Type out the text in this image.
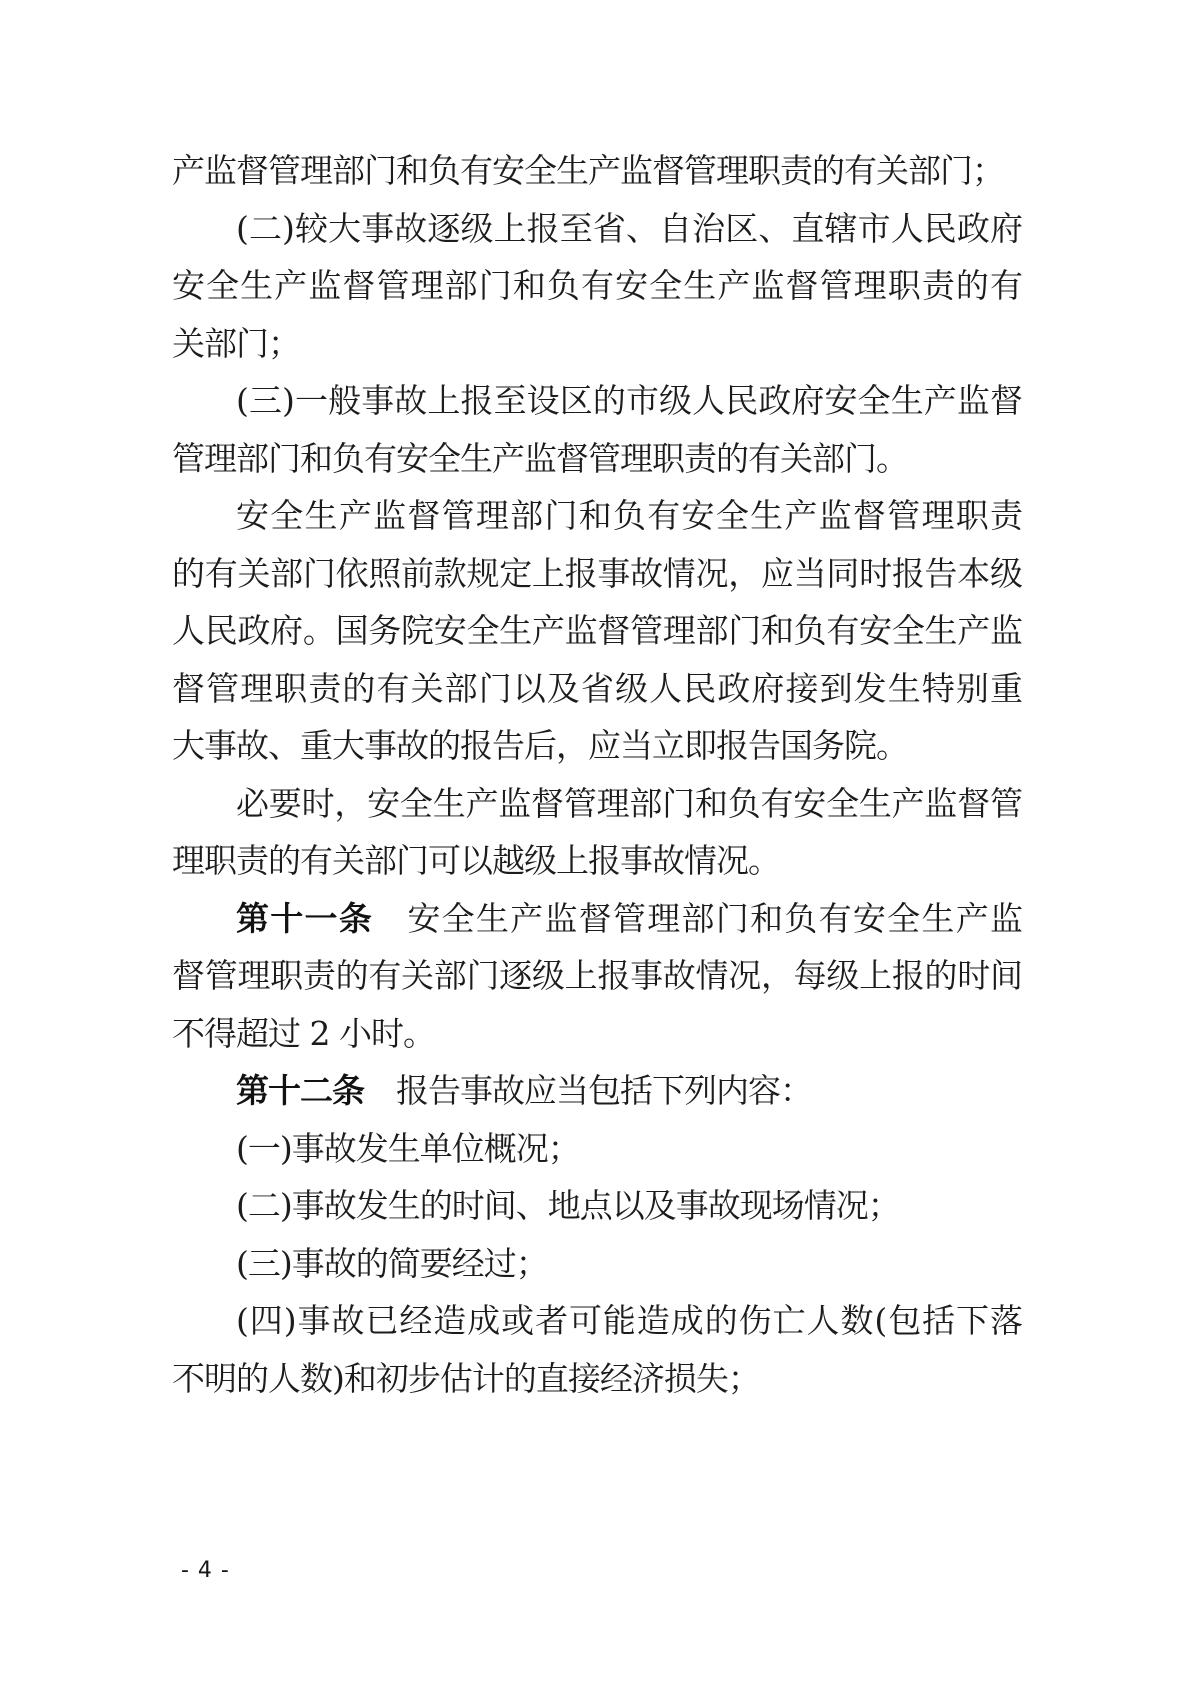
产监督管理部门和负有安全生产监督管理职责的有关部门；
(二)较大事故逐级上报至省、自治区、直辖市人民政府
安全生产监督管理部门和负有安全生产监督管理职责的有
关部门；
(三)一般事故上报至设区的市级人民政府安全生产监督
管理部门和负有安全生产监督管理职责的有关部门。
安全生产监督管理部门和负有安全生产监督管理职责
的有关部门依照前款规定上报事故情况，应当同时报告本级
人民政府。国务院安全生产监督管理部门和负有安全生产监
督管理职责的有关部门以及省级人民政府接到发生特别重
大事故、重大事故的报告后，应当立即报告国务院。
必要时，安全生产监督管理部门和负有安全生产监督管
理职责的有关部门可以越级上报事故情况。
第十一条　安全生产监督管理部门和负有安全生产监
督管理职责的有关部门逐级上报事故情况，每级上报的时间
不得超过 2 小时。
第十二条　报告事故应当包括下列内容：
(一)事故发生单位概况；
(二)事故发生的时间、地点以及事故现场情况；
(三)事故的简要经过；
(四)事故已经造成或者可能造成的伤亡人数(包括下落
不明的人数)和初步估计的直接经济损失；
- 4 -
